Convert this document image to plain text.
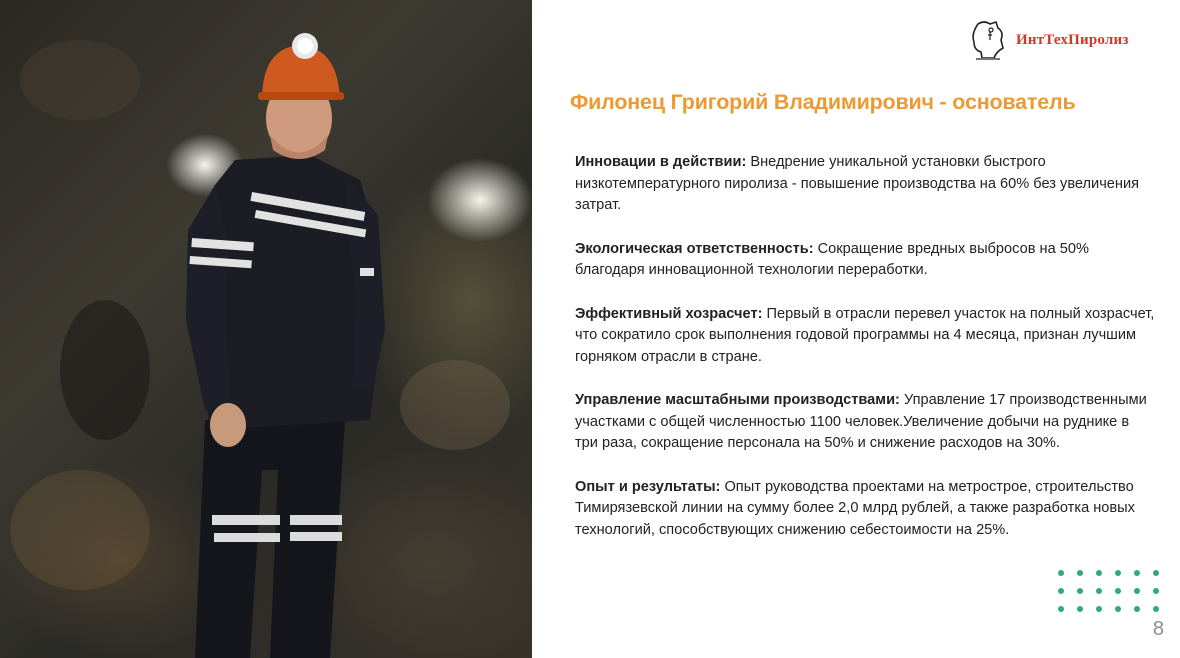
ИнтТехПиролиз
Филонец Григорий Владимирович - основатель

Инновации в действии: Внедрение уникальной установки быстрого низкотемпературного пиролиза - повышение производства на 60% без увеличения затрат.

Экологическая ответственность: Сокращение вредных выбросов на 50% благодаря инновационной технологии переработки.

Эффективный хозрасчет: Первый в отрасли перевел участок на полный хозрасчет, что сократило срок выполнения годовой программы на 4 месяца, признан лучшим горняком отрасли в стране.

Управление масштабными производствами: Управление 17 производственными участками с общей численностью 1100 человек.Увеличение добычи на руднике в три раза, сокращение персонала на 50% и снижение расходов на 30%.

Опыт и результаты: Опыт руководства проектами на метрострое, строительство Тимирязевской линии на сумму более 2,0 млрд рублей, а также разработка новых технологий, способствующих снижению себестоимости на 25%.

8
